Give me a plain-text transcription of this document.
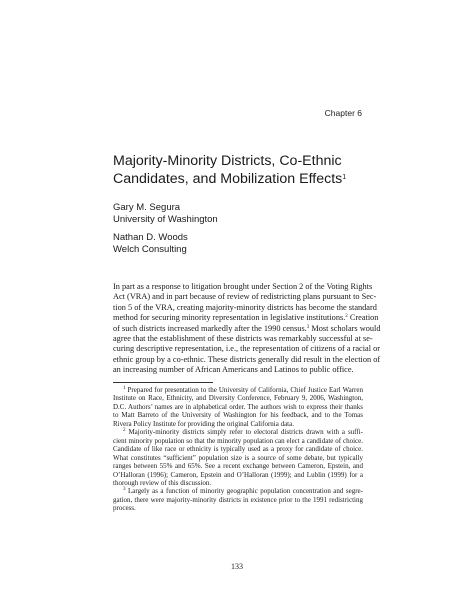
Chapter 6
Majority-Minority Districts, Co-Ethnic
Candidates, and Mobilization Effects$^1$
Gary M. Segura
University of Washington
Nathan D. Woods
Welch Consulting
In part as a response to litigation brought under Section 2 of the Voting Rights
Act (VRA) and in part because of review of redistricting plans pursuant to Sec-
tion 5 of the VRA, creating majority-minority districts has become the standard
method for securing minority representation in legislative institutions.$^2$ Creation
of such districts increased markedly after the 1990 census.$^3$ Most scholars would
agree that the establishment of these districts was remarkably successful at se-
curing descriptive representation, i.e., the representation of citizens of a racial or
ethnic group by a co-ethnic. These districts generally did result in the election of
an increasing number of African Americans and Latinos to public office.
$^1$ Prepared for presentation to the University of California, Chief Justice Earl Warren
Institute on Race, Ethnicity, and Diversity Conference, February 9, 2006, Washington,
D.C. Authors’ names are in alphabetical order. The authors wish to express their thanks
to Matt Barreto of the University of Washington for his feedback, and to the Tomas
Rivera Policy Institute for providing the original California data.
$^2$ Majority-minority districts simply refer to electoral districts drawn with a suffi-
cient minority population so that the minority population can elect a candidate of choice.
Candidate of like race or ethnicity is typically used as a proxy for candidate of choice.
What constitutes “sufficient” population size is a source of some debate, but typically
ranges between 55% and 65%. See a recent exchange between Cameron, Epstein, and
O’Halloran (1996); Cameron, Epstein and O’Halloran (1999); and Lublin (1999) for a
thorough review of this discussion.
$^3$ Largely as a function of minority geographic population concentration and segre-
gation, there were majority-minority districts in existence prior to the 1991 redistricting
process.
133
